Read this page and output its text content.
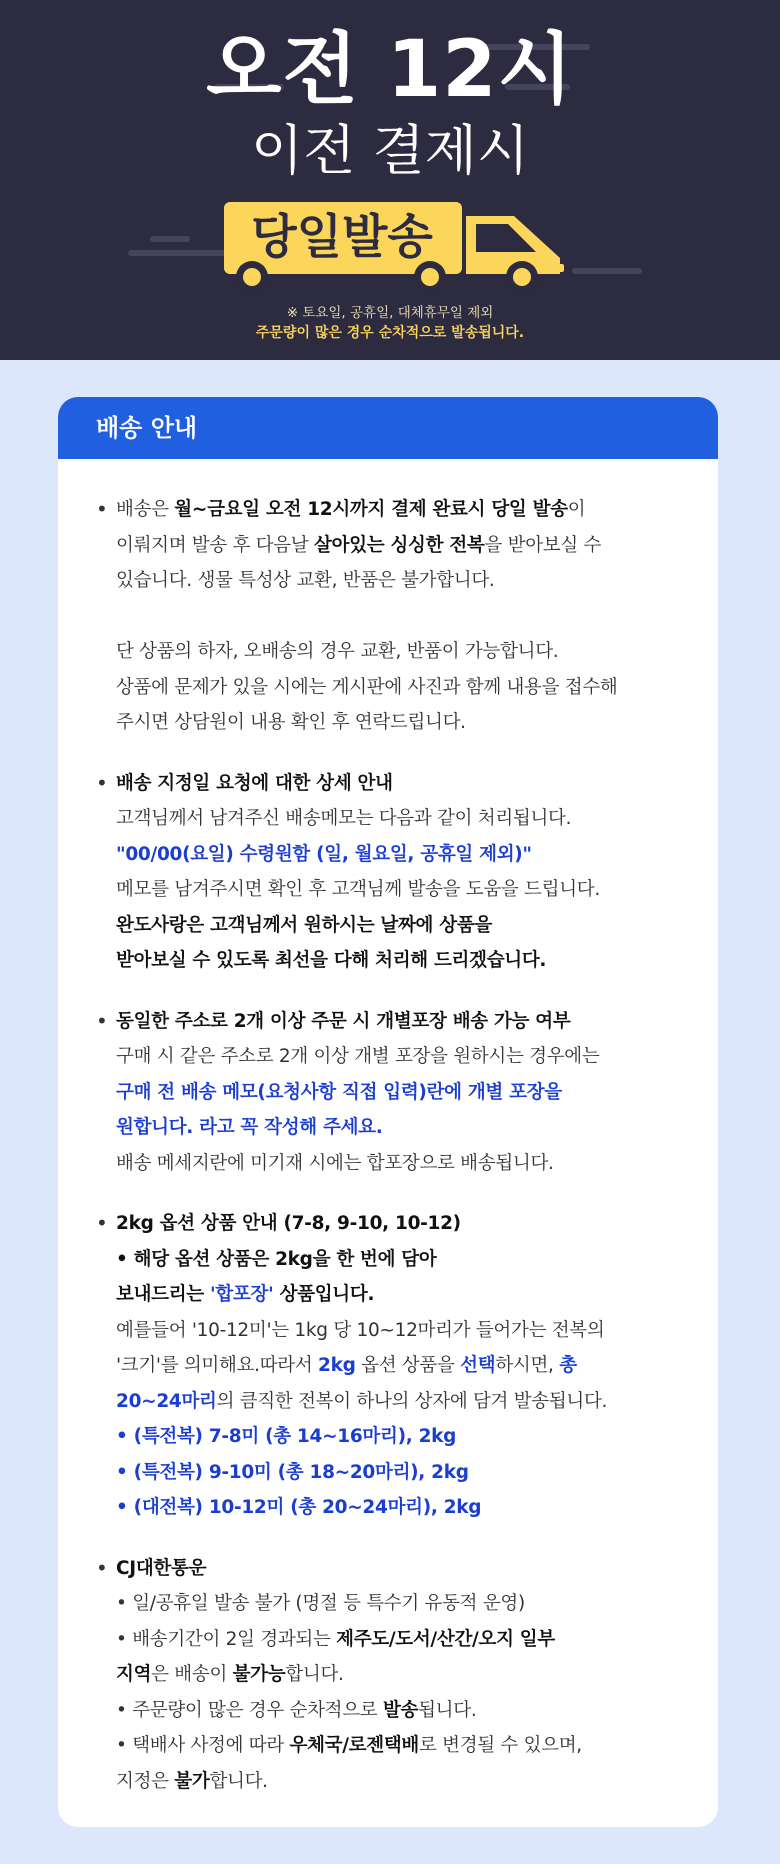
오전 12시
이전 결제시
당일발송
※ 토요일, 공휴일, 대체휴무일 제외
주문량이 많은 경우 순차적으로 발송됩니다.
배송 안내
• 배송은 월~금요일 오전 12시까지 결제 완료시 당일 발송이
이뤄지며 발송 후 다음날 살아있는 싱싱한 전복을 받아보실 수
있습니다. 생물 특성상 교환, 반품은 불가합니다.
단 상품의 하자, 오배송의 경우 교환, 반품이 가능합니다.
상품에 문제가 있을 시에는 게시판에 사진과 함께 내용을 접수해
주시면 상담원이 내용 확인 후 연락드립니다.
• 배송 지정일 요청에 대한 상세 안내
고객님께서 남겨주신 배송메모는 다음과 같이 처리됩니다.
"00/00(요일) 수령원함 (일, 월요일, 공휴일 제외)"
메모를 남겨주시면 확인 후 고객님께 발송을 도움을 드립니다.
완도사랑은 고객님께서 원하시는 날짜에 상품을
받아보실 수 있도록 최선을 다해 처리해 드리겠습니다.
• 동일한 주소로 2개 이상 주문 시 개별포장 배송 가능 여부
구매 시 같은 주소로 2개 이상 개별 포장을 원하시는 경우에는
구매 전 배송 메모(요청사항 직접 입력)란에 개별 포장을
원합니다. 라고 꼭 작성해 주세요.
배송 메세지란에 미기재 시에는 합포장으로 배송됩니다.
• 2kg 옵션 상품 안내 (7-8, 9-10, 10-12)
• 해당 옵션 상품은 2kg을 한 번에 담아
보내드리는 '합포장' 상품입니다.
예를들어 '10-12미'는 1kg 당 10~12마리가 들어가는 전복의
'크기'를 의미해요.따라서 2kg 옵션 상품을 선택하시면, 총
20~24마리의 큼직한 전복이 하나의 상자에 담겨 발송됩니다.
• (특전복) 7-8미 (총 14~16마리), 2kg
• (특전복) 9-10미 (총 18~20마리), 2kg
• (대전복) 10-12미 (총 20~24마리), 2kg
• CJ대한통운
• 일/공휴일 발송 불가 (명절 등 특수기 유동적 운영)
• 배송기간이 2일 경과되는 제주도/도서/산간/오지 일부
지역은 배송이 불가능합니다.
• 주문량이 많은 경우 순차적으로 발송됩니다.
• 택배사 사정에 따라 우체국/로젠택배로 변경될 수 있으며,
지정은 불가합니다.
